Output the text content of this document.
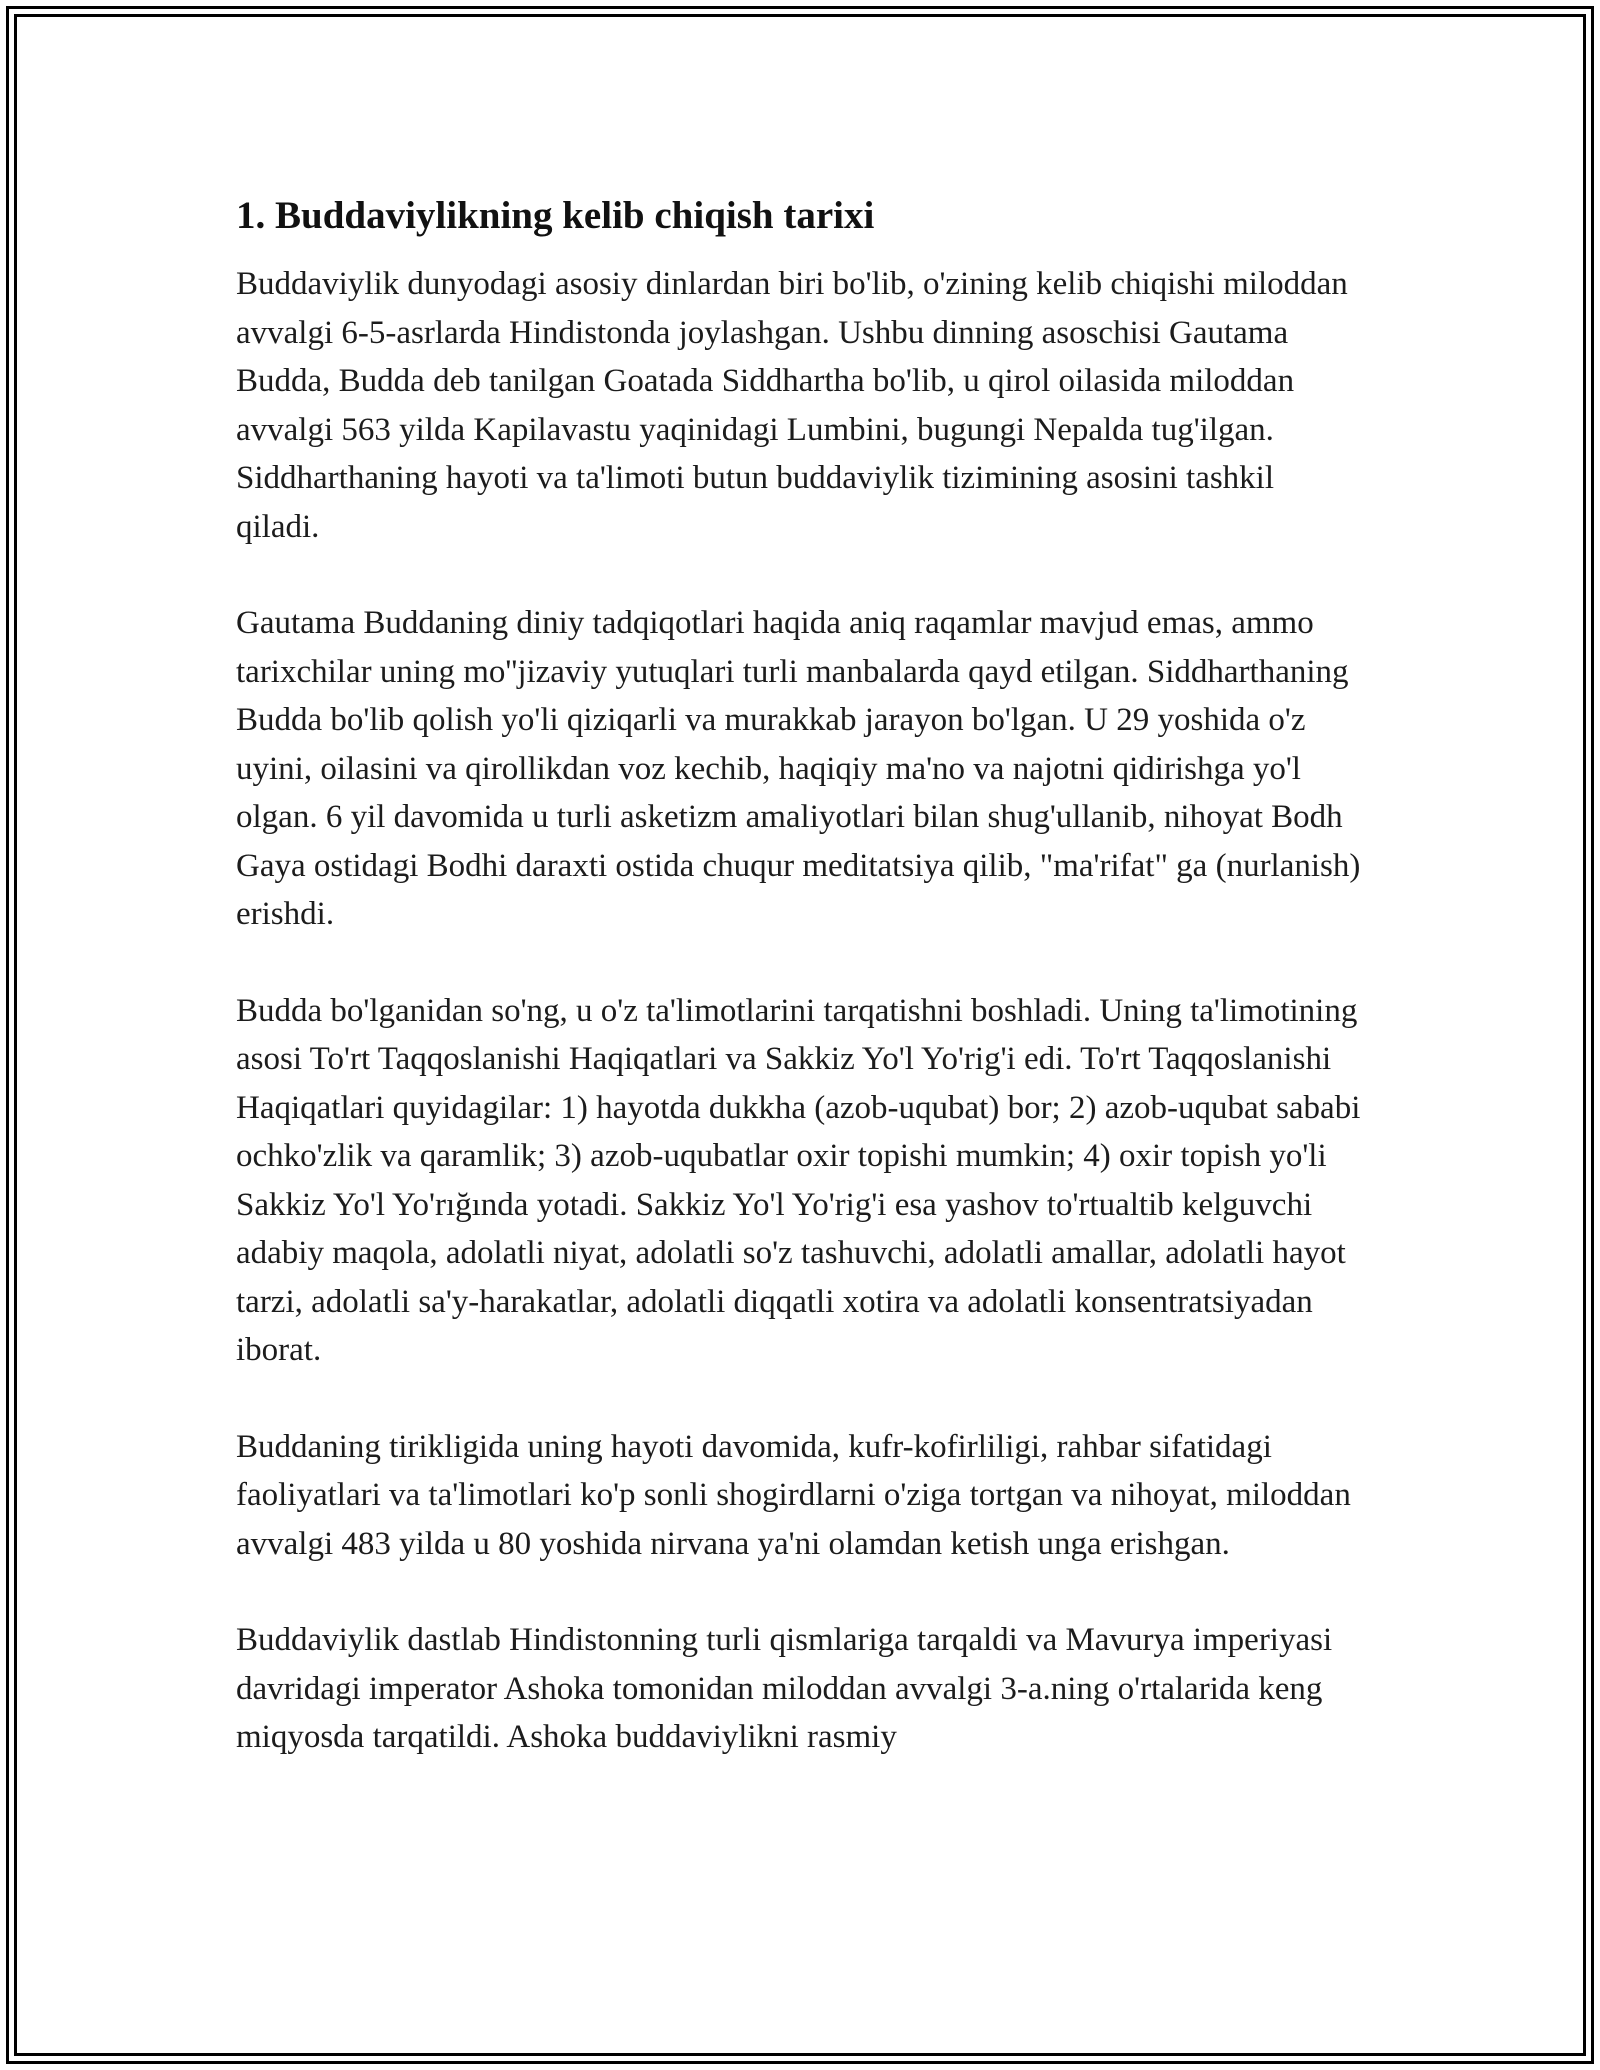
1. Buddaviylikning kelib chiqish tarixi

Buddaviylik dunyodagi asosiy dinlardan biri bo'lib, o'zining kelib chiqishi miloddan avvalgi 6-5-asrlarda Hindistonda joylashgan. Ushbu dinning asoschisi Gautama Budda, Budda deb tanilgan Goatada Siddhartha bo'lib, u qirol oilasida miloddan avvalgi 563 yilda Kapilavastu yaqinidagi Lumbini, bugungi Nepalda tug'ilgan. Siddharthaning hayoti va ta'limoti butun buddaviylik tizimining asosini tashkil qiladi.

Gautama Buddaning diniy tadqiqotlari haqida aniq raqamlar mavjud emas, ammo tarixchilar uning mo''jizaviy yutuqlari turli manbalarda qayd etilgan. Siddharthaning Budda bo'lib qolish yo'li qiziqarli va murakkab jarayon bo'lgan. U 29 yoshida o'z uyini, oilasini va qirollikdan voz kechib, haqiqiy ma'no va najotni qidirishga yo'l olgan. 6 yil davomida u turli asketizm amaliyotlari bilan shug'ullanib, nihoyat Bodh Gaya ostidagi Bodhi daraxti ostida chuqur meditatsiya qilib, "ma'rifat" ga (nurlanish) erishdi.

Budda bo'lganidan so'ng, u o'z ta'limotlarini tarqatishni boshladi. Uning ta'limotining asosi To'rt Taqqoslanishi Haqiqatlari va Sakkiz Yo'l Yo'rig'i edi. To'rt Taqqoslanishi Haqiqatlari quyidagilar: 1) hayotda dukkha (azob-uqubat) bor; 2) azob-uqubat sababi ochko'zlik va qaramlik; 3) azob-uqubatlar oxir topishi mumkin; 4) oxir topish yo'li Sakkiz Yo'l Yo'rığında yotadi. Sakkiz Yo'l Yo'rig'i esa yashov to'rtualtib kelguvchi adabiy maqola, adolatli niyat, adolatli so'z tashuvchi, adolatli amallar, adolatli hayot tarzi, adolatli sa'y-harakatlar, adolatli diqqatli xotira va adolatli konsentratsiyadan iborat.

Buddaning tirikligida uning hayoti davomida, kufr-kofirliligi, rahbar sifatidagi faoliyatlari va ta'limotlari ko'p sonli shogirdlarni o'ziga tortgan va nihoyat, miloddan avvalgi 483 yilda u 80 yoshida nirvana ya'ni olamdan ketish unga erishgan.

Buddaviylik dastlab Hindistonning turli qismlariga tarqaldi va Mavurya imperiyasi davridagi imperator Ashoka tomonidan miloddan avvalgi 3-a.ning o'rtalarida keng miqyosda tarqatildi. Ashoka buddaviylikni rasmiy
